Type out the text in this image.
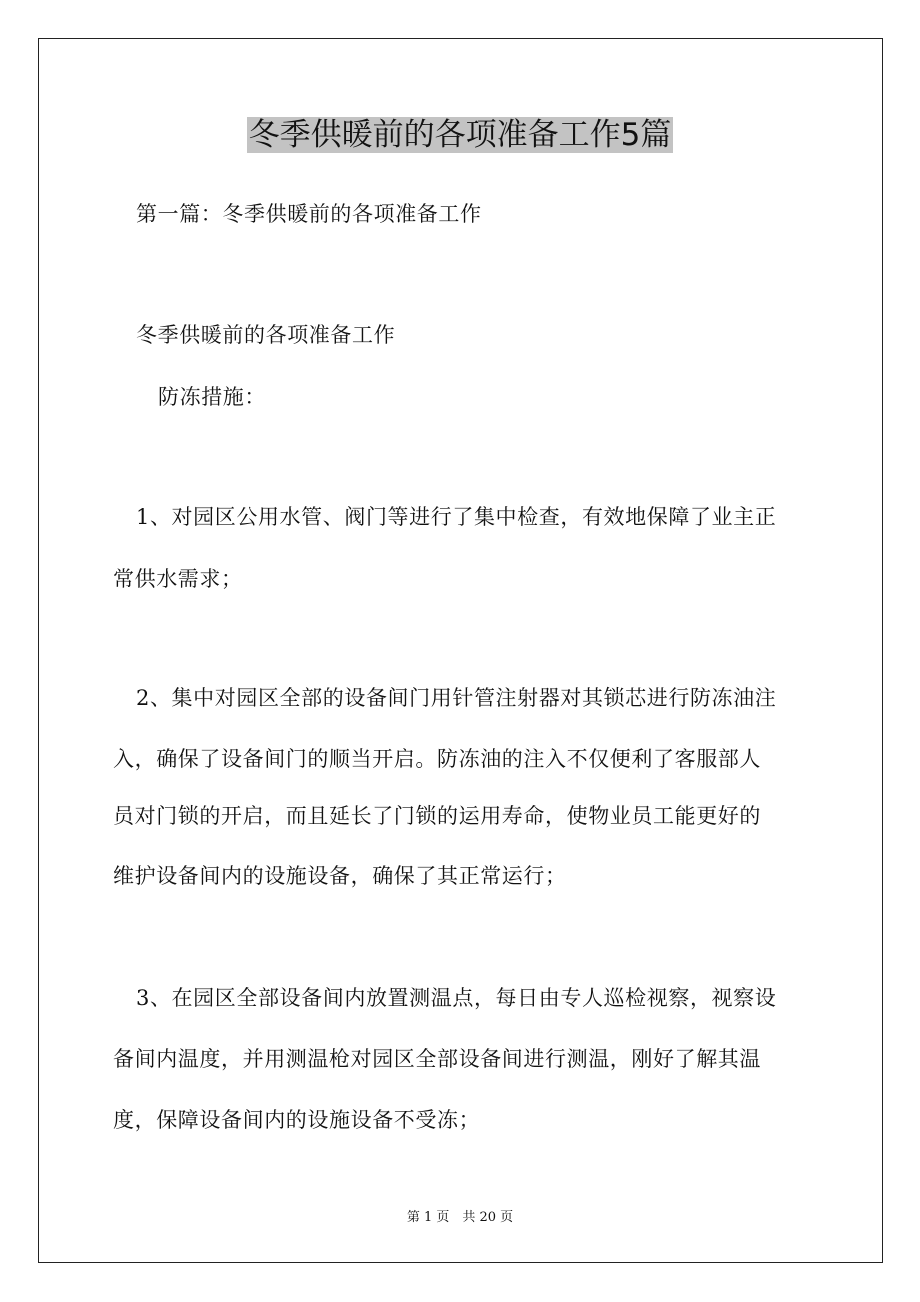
冬季供暖前的各项准备工作5篇
第一篇：冬季供暖前的各项准备工作
冬季供暖前的各项准备工作
防冻措施：
1、对园区公用水管、阀门等进行了集中检查，有效地保障了业主正
常供水需求；
2、集中对园区全部的设备间门用针管注射器对其锁芯进行防冻油注
入，确保了设备间门的顺当开启。防冻油的注入不仅便利了客服部人
员对门锁的开启，而且延长了门锁的运用寿命，使物业员工能更好的
维护设备间内的设施设备，确保了其正常运行；
3、在园区全部设备间内放置测温点，每日由专人巡检视察，视察设
备间内温度，并用测温枪对园区全部设备间进行测温，刚好了解其温
度，保障设备间内的设施设备不受冻；
第 1 页　共 20 页
